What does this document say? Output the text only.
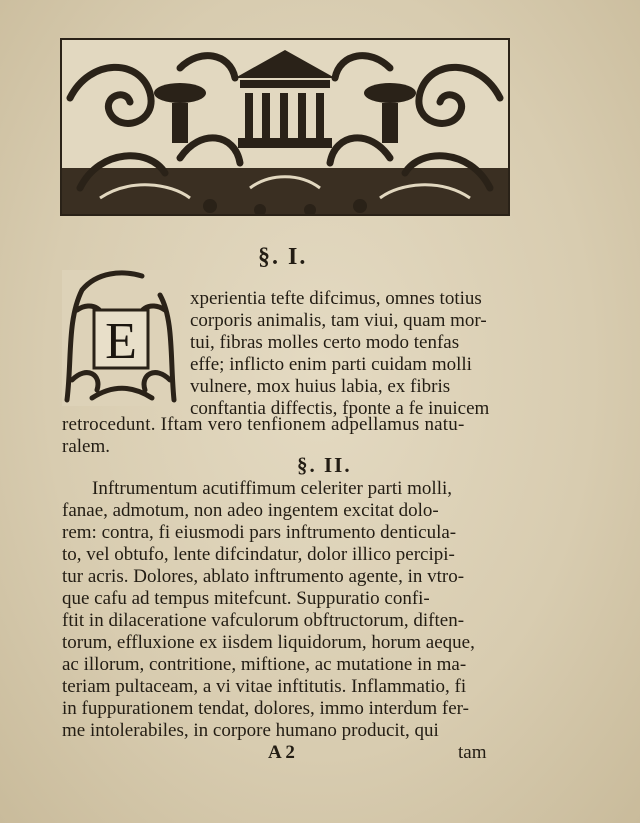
§. I.
E
xperientia tefte difcimus, omnes totius
corporis animalis, tam viui, quam mor-
tui, fibras molles certo modo tenfas
effe; inflicto enim parti cuidam molli
vulnere, mox huius labia, ex fibris
conftantia diffectis, fponte a fe inuicem
retrocedunt. Iftam vero tenfionem adpellamus natu-
ralem.
§. II.
Inftrumentum acutiffimum celeriter parti molli,
fanae, admotum, non adeo ingentem excitat dolo-
rem: contra, fi eiusmodi pars inftrumento denticula-
to, vel obtufo, lente difcindatur, dolor illico percipi-
tur acris. Dolores, ablato inftrumento agente, in vtro-
que cafu ad tempus mitefcunt. Suppuratio confi-
ftit in dilaceratione vafculorum obftructorum, diften-
torum, effluxione ex iisdem liquidorum, horum aeque,
ac illorum, contritione, miftione, ac mutatione in ma-
teriam pultaceam, a vi vitae inftitutis. Inflammatio, fi
in fuppurationem tendat, dolores, immo interdum fer-
me intolerabiles, in corpore humano producit, qui
A 2	tam
